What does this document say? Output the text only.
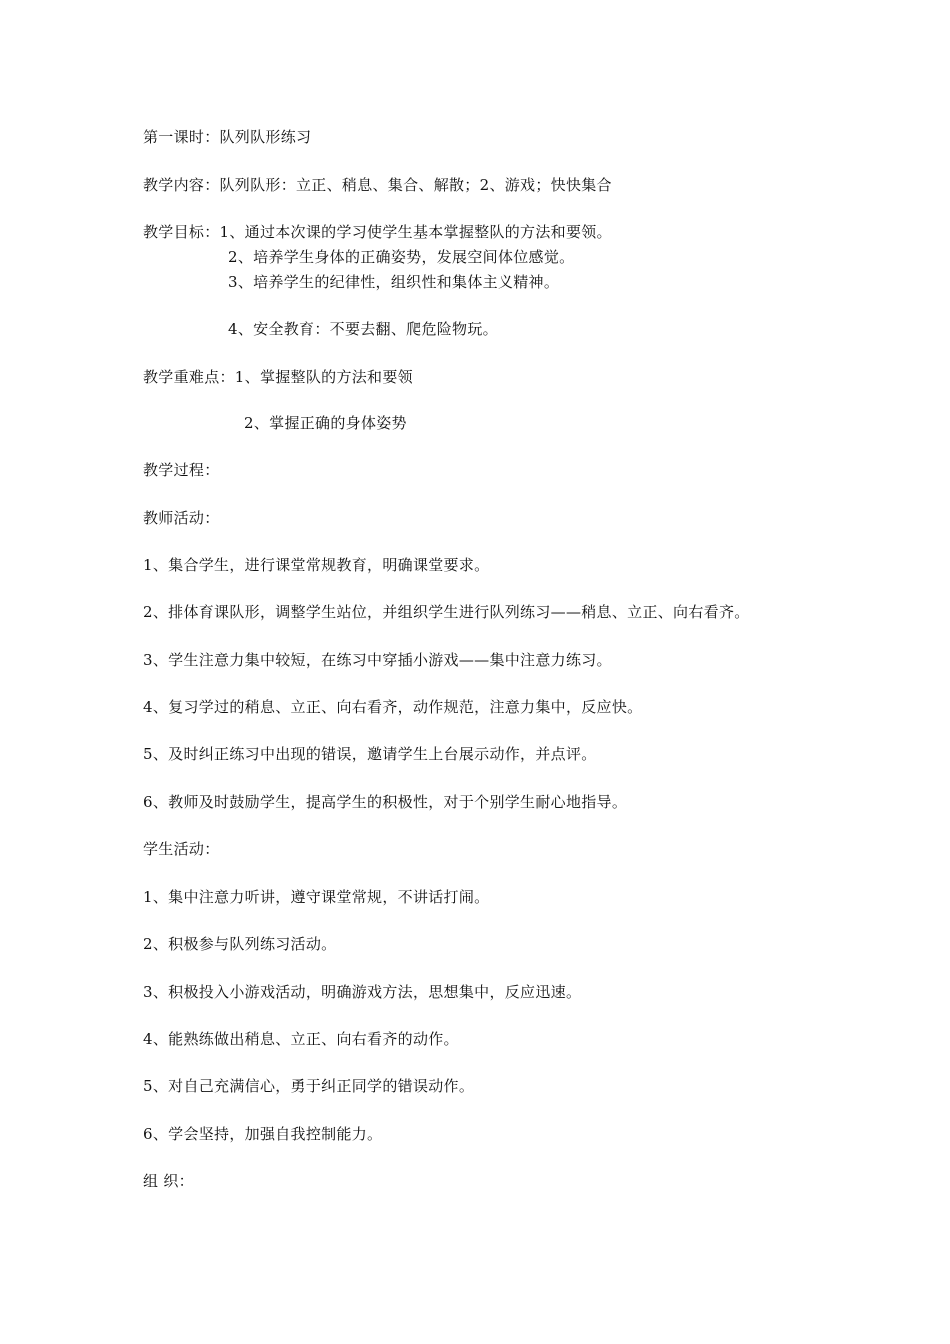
第一课时：队列队形练习
教学内容：队列队形：立正、稍息、集合、解散；2、游戏；快快集合
教学目标：1、通过本次课的学习使学生基本掌握整队的方法和要领。
2、培养学生身体的正确姿势，发展空间体位感觉。
3、培养学生的纪律性，组织性和集体主义精神。
4、安全教育：不要去翻、爬危险物玩。
教学重难点：1、掌握整队的方法和要领
2、掌握正确的身体姿势
教学过程：
教师活动：
1、集合学生，进行课堂常规教育，明确课堂要求。
2、排体育课队形，调整学生站位，并组织学生进行队列练习——稍息、立正、向右看齐。
3、学生注意力集中较短，在练习中穿插小游戏——集中注意力练习。
4、复习学过的稍息、立正、向右看齐，动作规范，注意力集中，反应快。
5、及时纠正练习中出现的错误，邀请学生上台展示动作，并点评。
6、教师及时鼓励学生，提高学生的积极性，对于个别学生耐心地指导。
学生活动：
1、集中注意力听讲，遵守课堂常规，不讲话打闹。
2、积极参与队列练习活动。
3、积极投入小游戏活动，明确游戏方法，思想集中，反应迅速。
4、能熟练做出稍息、立正、向右看齐的动作。
5、对自己充满信心，勇于纠正同学的错误动作。
6、学会坚持，加强自我控制能力。
组 织：
